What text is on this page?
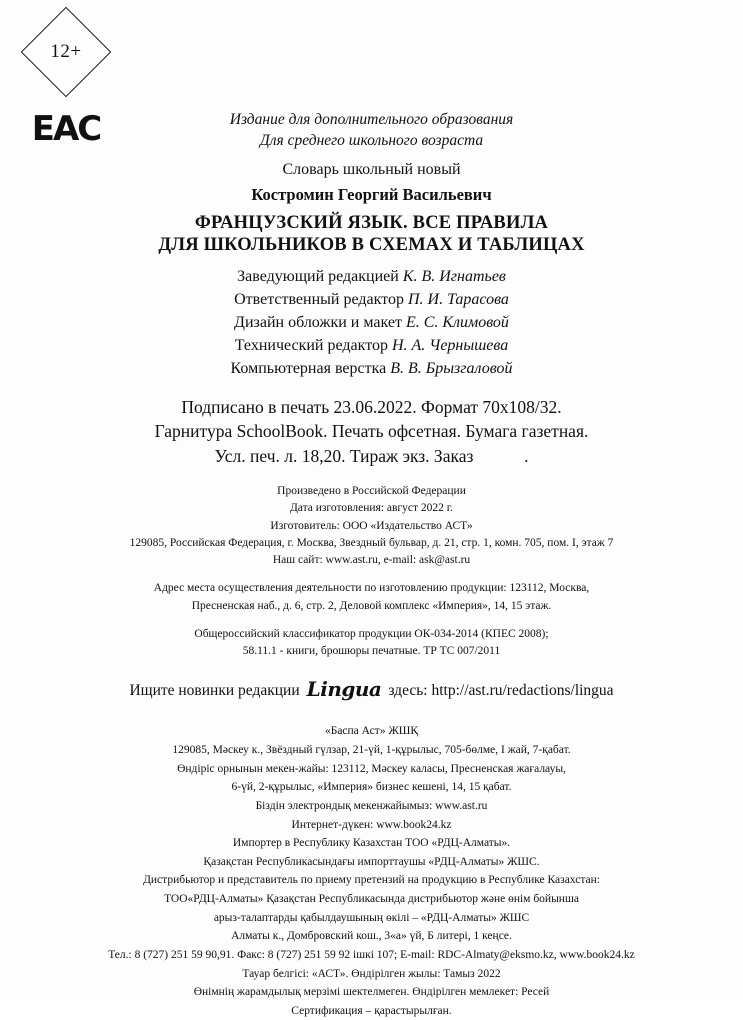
12+
EAC	Издание для дополнительного образования
Для среднего школьного возраста
Словарь школьный новый
Костромин Георгий Васильевич
ФРАНЦУЗСКИЙ ЯЗЫК. ВСЕ ПРАВИЛА
ДЛЯ ШКОЛЬНИКОВ В СХЕМАХ И ТАБЛИЦАХ
Заведующий редакцией К. В. Игнатьев
Ответственный редактор П. И. Тарасова
Дизайн обложки и макет Е. С. Климовой
Технический редактор Н. А. Чернышева
Компьютерная верстка В. В. Брызгаловой
Подписано в печать 23.06.2022. Формат 70x108/32.
Гарнитура SchoolBook. Печать офсетная. Бумага газетная.
Усл. печ. л. 18,20. Тираж экз. Заказ	.
Произведено в Российской Федерации
Дата изготовления: август 2022 г.
Изготовитель: ООО «Издательство АСТ»
129085, Российская Федерация, г. Москва, Звездный бульвар, д. 21, стр. 1, комн. 705, пом. I, этаж 7
Наш сайт: www.ast.ru, e-mail: ask@ast.ru
Адрес места осуществления деятельности по изготовлению продукции: 123112, Москва,
Пресненская наб., д. 6, стр. 2, Деловой комплекс «Империя», 14, 15 этаж.
Общероссийский классификатор продукции ОК-034-2014 (КПЕС 2008);
58.11.1 - книги, брошюры печатные. ТР ТС 007/2011
Ищите новинки редакции Lingua здесь: http://ast.ru/redactions/lingua
«Баспа Аст» ЖШҚ
129085, Мәскеу к., Звёздный гүлзар, 21-үй, 1-құрылыс, 705-бөлме, І жай, 7-қабат.
Өндіріс орнынын мекен-жайы: 123112, Мәскеу каласы, Пресненская жағалауы,
6-үй, 2-құрылыс, «Империя» бизнес кешені, 14, 15 қабат.
Біздін электрондық мекенжайымыз: www.ast.ru
Интернет-дүкен: www.book24.kz
Импортер в Республику Казахстан ТОО «РДЦ-Алматы».
Қазақстан Республикасындағы импорттаушы «РДЦ-Алматы» ЖШС.
Дистрибьютор и представитель по приему претензий на продукцию в Республике Казахстан:
ТОО«РДЦ-Алматы» Қазақстан Республикасында дистрибьютор және өнім бойынша
арыз-талаптарды қабылдаушының өкілі – «РДЦ-Алматы» ЖШС
Алматы к., Домбровский кош., 3«а» үй, Б литері, 1 кеңсе.
Тел.: 8 (727) 251 59 90,91. Факс: 8 (727) 251 59 92 ішкі 107; E-mail: RDC-Almaty@eksmo.kz, www.book24.kz
Тауар белгісі: «АСТ». Өндірілген жылы: Тамыз 2022
Өнімнің жарамдылық мерзімі шектелмеген. Өндірілген мемлекет: Ресей
Сертификация – қарастырылған.
